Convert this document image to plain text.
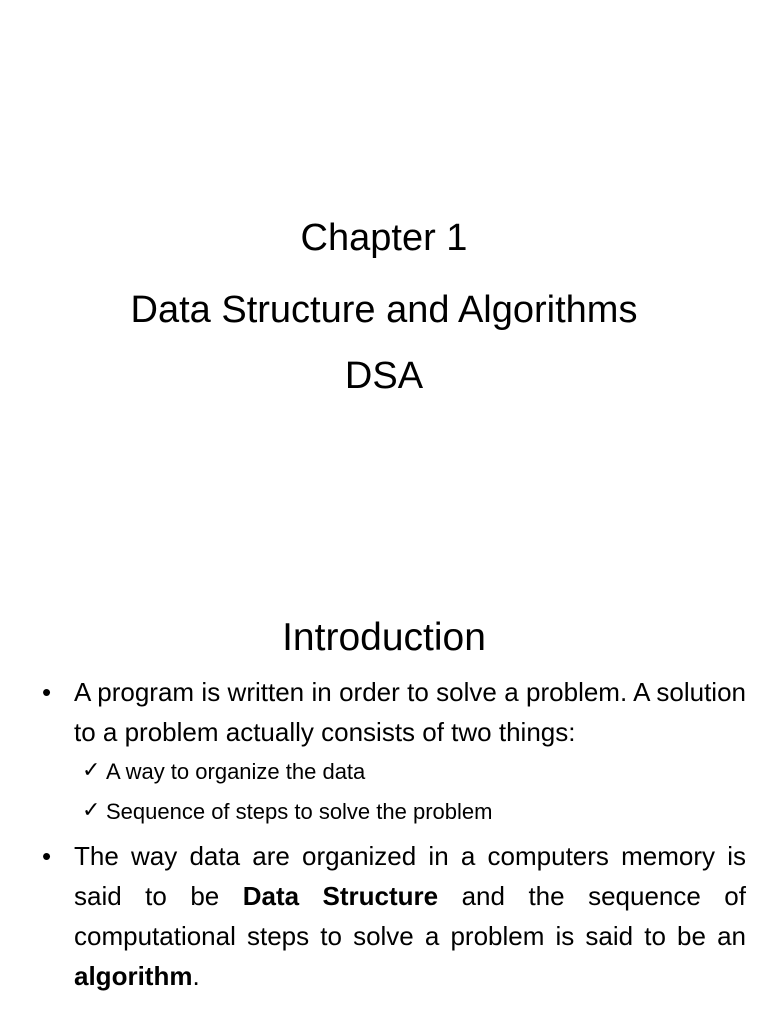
Chapter 1
Data Structure and Algorithms
DSA
Introduction
• A program is written in order to solve a problem. A solution to a problem actually consists of two things:
✓ A way to organize the data
✓ Sequence of steps to solve the problem
• The way data are organized in a computers memory is said to be Data Structure and the sequence of computational steps to solve a problem is said to be an algorithm.
